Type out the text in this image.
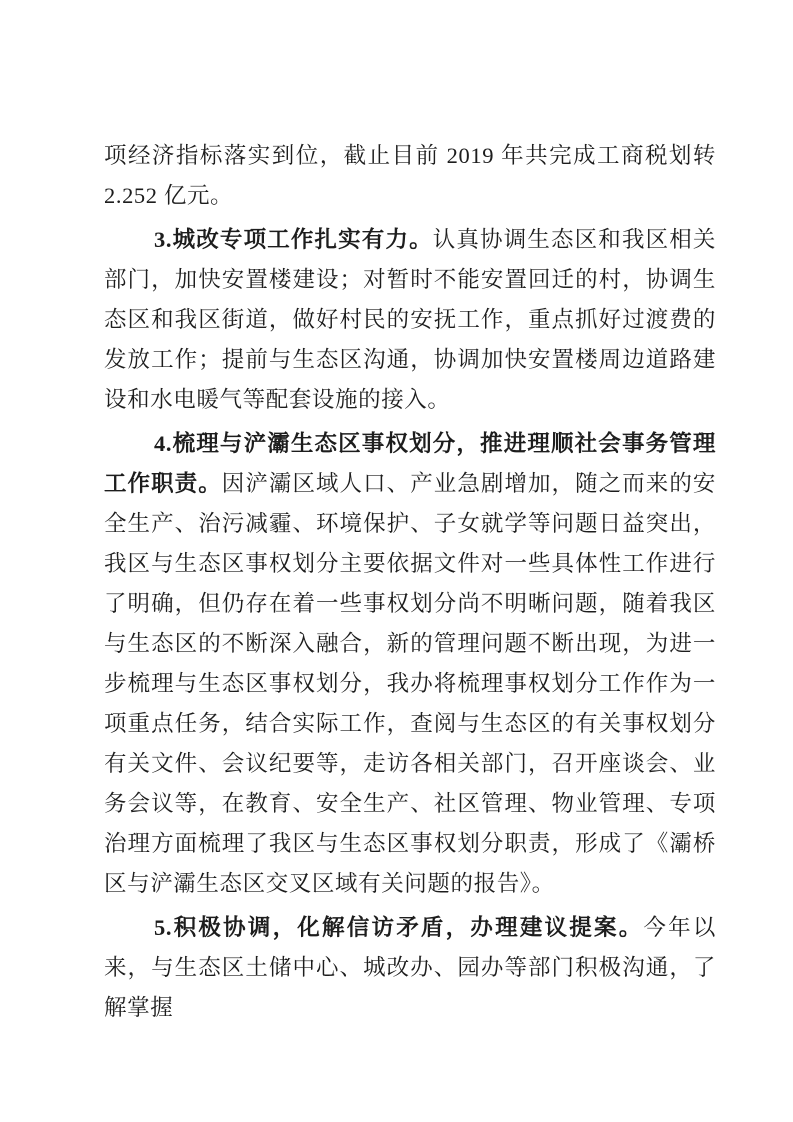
项经济指标落实到位，截止目前 2019 年共完成工商税划转 2.252 亿元。

3.城改专项工作扎实有力。认真协调生态区和我区相关部门，加快安置楼建设；对暂时不能安置回迁的村，协调生态区和我区街道，做好村民的安抚工作，重点抓好过渡费的发放工作；提前与生态区沟通，协调加快安置楼周边道路建设和水电暖气等配套设施的接入。

4.梳理与浐灞生态区事权划分，推进理顺社会事务管理工作职责。因浐灞区域人口、产业急剧增加，随之而来的安全生产、治污减霾、环境保护、子女就学等问题日益突出，我区与生态区事权划分主要依据文件对一些具体性工作进行了明确，但仍存在着一些事权划分尚不明晰问题，随着我区与生态区的不断深入融合，新的管理问题不断出现，为进一步梳理与生态区事权划分，我办将梳理事权划分工作作为一项重点任务，结合实际工作，查阅与生态区的有关事权划分有关文件、会议纪要等，走访各相关部门，召开座谈会、业务会议等，在教育、安全生产、社区管理、物业管理、专项治理方面梳理了我区与生态区事权划分职责，形成了《灞桥区与浐灞生态区交叉区域有关问题的报告》。

5.积极协调，化解信访矛盾，办理建议提案。今年以来，与生态区土储中心、城改办、园办等部门积极沟通，了解掌握
